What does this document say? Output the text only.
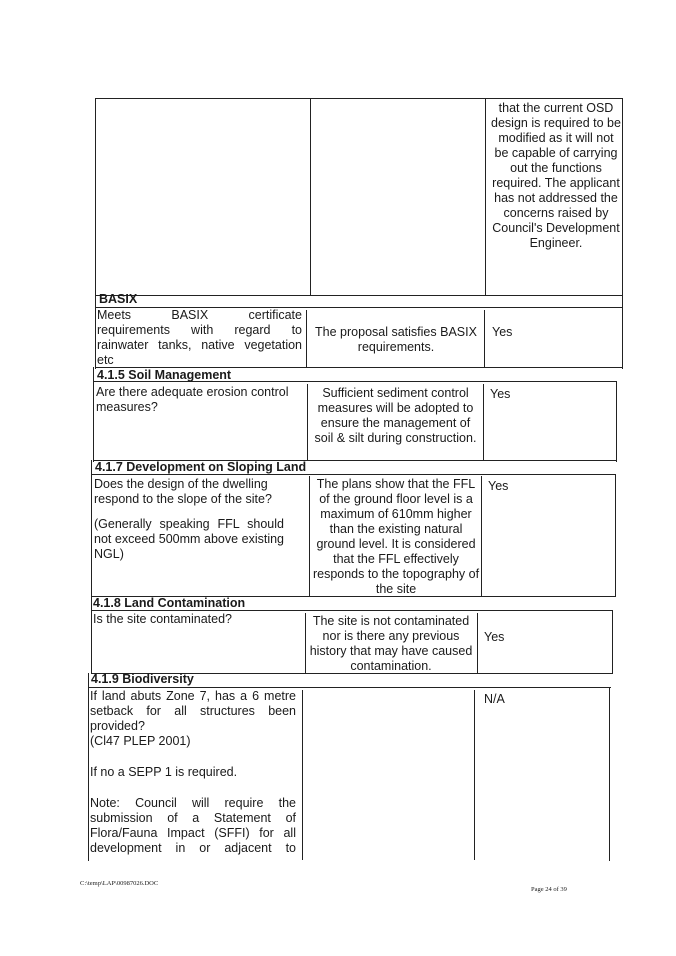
that the current OSD design is required to be modified as it will not be capable of carrying out the functions required. The applicant has not addressed the concerns raised by Council's Development Engineer.
BASIX
Meets BASIX certificate requirements with regard to rainwater tanks, native vegetation etc
The proposal satisfies BASIX requirements.
Yes
4.1.5 Soil Management
Are there adequate erosion control measures?
Sufficient sediment control measures will be adopted to ensure the management of soil & silt during construction.
Yes
4.1.7 Development on Sloping Land
Does the design of the dwelling respond to the slope of the site?
(Generally speaking FFL should not exceed 500mm above existing NGL)
The plans show that the FFL of the ground floor level is a maximum of 610mm higher than the existing natural ground level. It is considered that the FFL effectively responds to the topography of the site
Yes
4.1.8 Land Contamination
Is the site contaminated?	The site is not contaminated nor is there any previous history that may have caused contamination.
Yes
4.1.9 Biodiversity
If land abuts Zone 7, has a 6 metre setback for all structures been provided?
(Cl47 PLEP 2001)
If no a SEPP 1 is required.
Note: Council will require the submission of a Statement of Flora/Fauna Impact (SFFI) for all development in or adjacent to
N/A
C:\temp\LAP\00987026.DOC
Page 24 of 39
